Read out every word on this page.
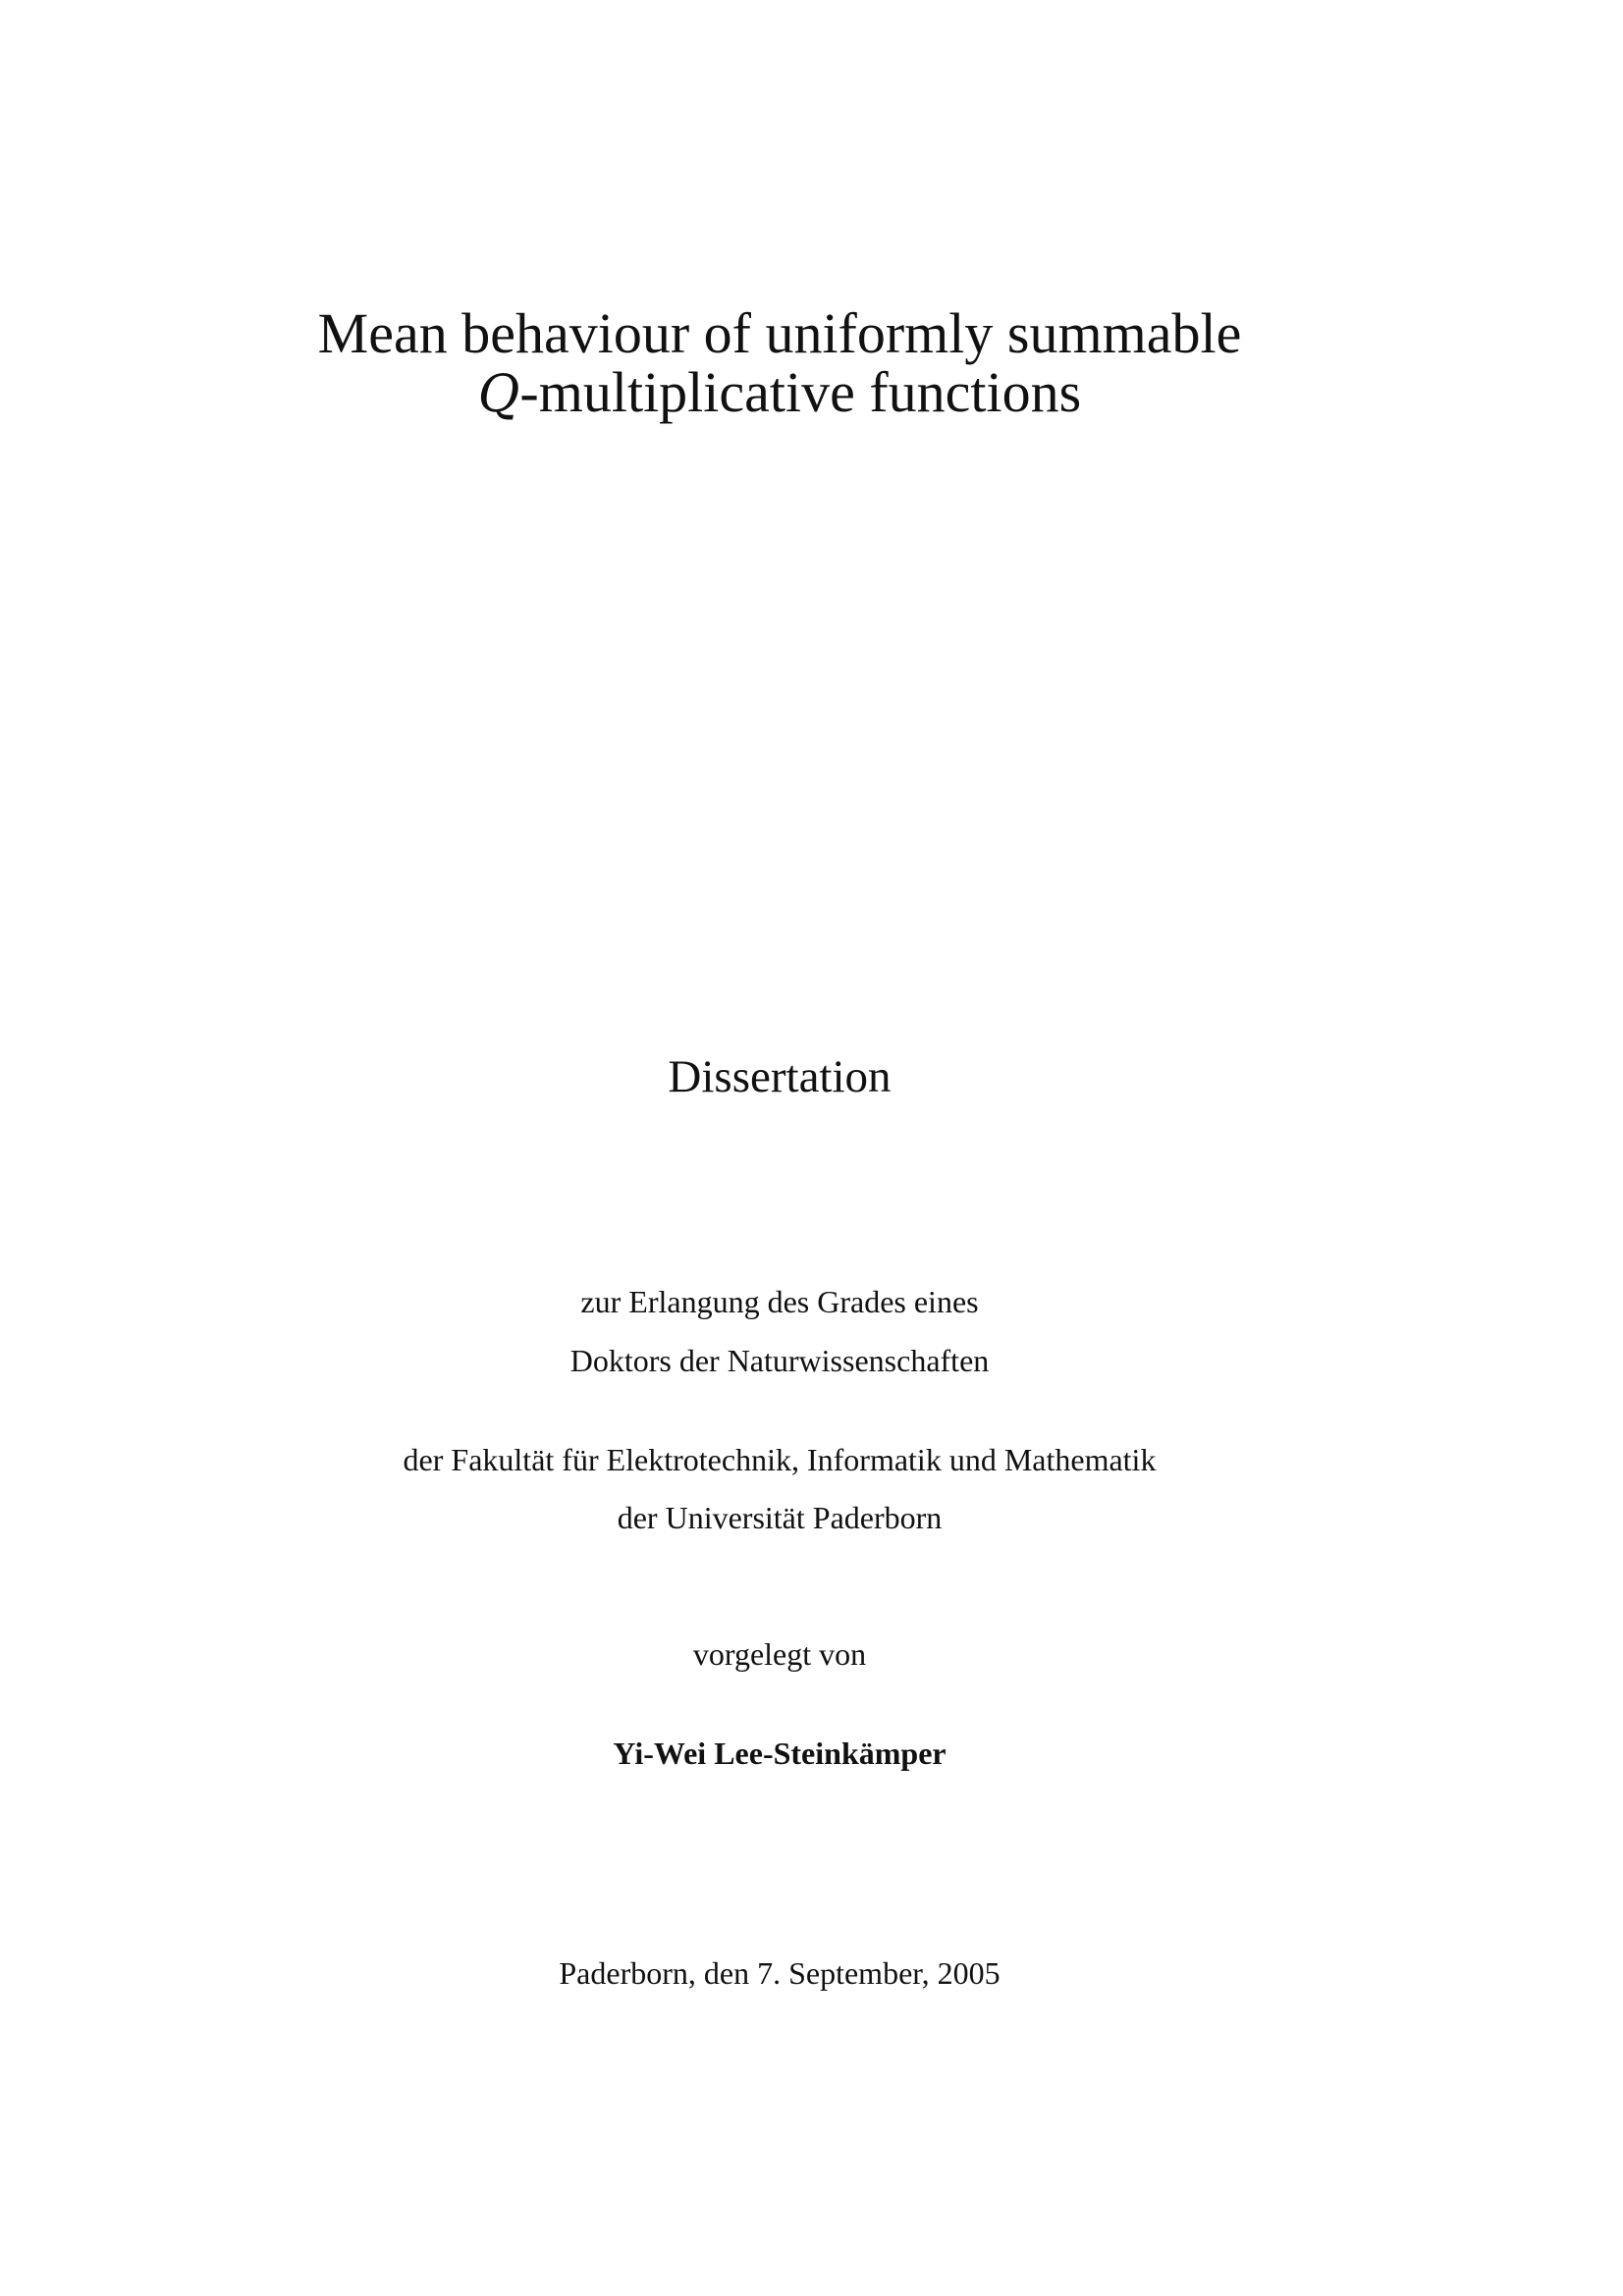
Mean behaviour of uniformly summable
Q-multiplicative functions
Dissertation
zur Erlangung des Grades eines
Doktors der Naturwissenschaften
der Fakultät für Elektrotechnik, Informatik und Mathematik
der Universität Paderborn
vorgelegt von
Yi-Wei Lee-Steinkämper
Paderborn, den 7. September, 2005
